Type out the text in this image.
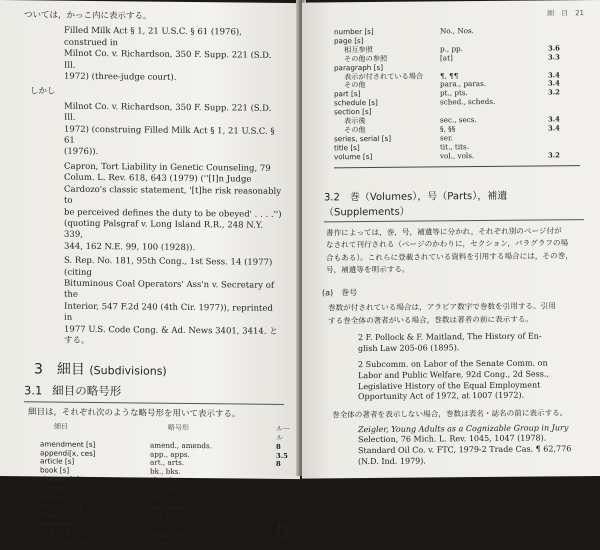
ついては，かっこ内に表示する。

Filled Milk Act § 1, 21 U.S.C. § 61 (1976), construed in
Milnot Co. v. Richardson, 350 F. Supp. 221 (S.D. Ill.
1972) (three-judge court).

しかし

Milnot Co. v. Richardson, 350 F. Supp. 221 (S.D. Ill.
1972) (construing Filled Milk Act § 1, 21 U.S.C. § 61
(1976)).
Capron, Tort Liability in Genetic Counseling, 79
Colum. L. Rev. 618, 643 (1979) (''[I]n Judge
Cardozo's classic statement, '[t]he risk reasonably to
be perceived defines the duty to be obeyed' . . . .'')
(quoting Palsgraf v. Long Island R.R., 248 N.Y. 339,
344, 162 N.E. 99, 100 (1928)).
S. Rep. No. 181, 95th Cong., 1st Sess. 14 (1977) (citing
Bituminous Coal Operators' Ass'n v. Secretary of the
Interior, 547 F.2d 240 (4th Cir. 1977)), reprinted in
1977 U.S. Code Cong. & Ad. News 3401, 3414. とする。
3 細目 (Subdivisions)
3.1 細目の略号形

細目は，それぞれ次のような略号形を用いて表示する。

細目	略号形	ルール
amendment [s]	amend., amends.	8
appendi[x, ces]	app., apps.	3.5
article [s]	art., arts.	8
book [s]	bk., bks.	
chapter [s]	ch., chs.	
clause [s]	cl., cls.	
column [s]	col., cols.	
decision [s]	dec., decs.	
folio [s]	fol., fols.	
footnote [s]		3.6
相互参照	note, notes	3.3
その他の参照	n., nn.	
細　目　21
number [s]	No., Nos.	
page [s]		
相互参照	p., pp.	3.6
その他の参照	[at]	3.3
paragraph [s]		
表示が付されている場合	¶, ¶¶	3.4
その他	para., paras.	3.4
part [s]	pt., pts.	3.2
schedule [s]	sched., scheds.	
section [s]		
表示後	sec., secs.	3.4
その他	§, §§	3.4
series, serial [s]	ser.	
title [s]	tit., tits.	
volume [s]	vol., vols.	3.2
3.2 巻（Volumes），号（Parts），補遺（Supplements）
書作によっては，巻，号，補遺等に分かれ，それぞれ別のページ付が
なされて刊行される（ページのかわりに，セクション，パラグラフの場
合もある）。これらに登載されている資料を引用する場合には，その巻，
号，補遺等を明示する。
(a)　巻号
巻数が付されている場合は，アラビア数字で巻数を引用する。引用
する巻全体の著者がいる場合，巻数は著者の前に表示する。
2 F. Pollock & F. Maitland, The History of En-
glish Law 205-06 (1895).
2 Subcomm. on Labor of the Senate Comm. on
Labor and Public Welfare, 92d Cong., 2d Sess.,
Legislative History of the Equal Employment
Opportunity Act of 1972, at 1007 (1972).
巻全体の著者を表示しない場合，巻数は表名・誌名の前に表示する。
Zeigler, Young Adults as a Cognizable Group in Jury
Selection, 76 Mich. L. Rev. 1045, 1047 (1978).
Standard Oil Co. v. FTC, 1979-2 Trade Cas. ¶ 62,776
(N.D. Ind. 1979).
